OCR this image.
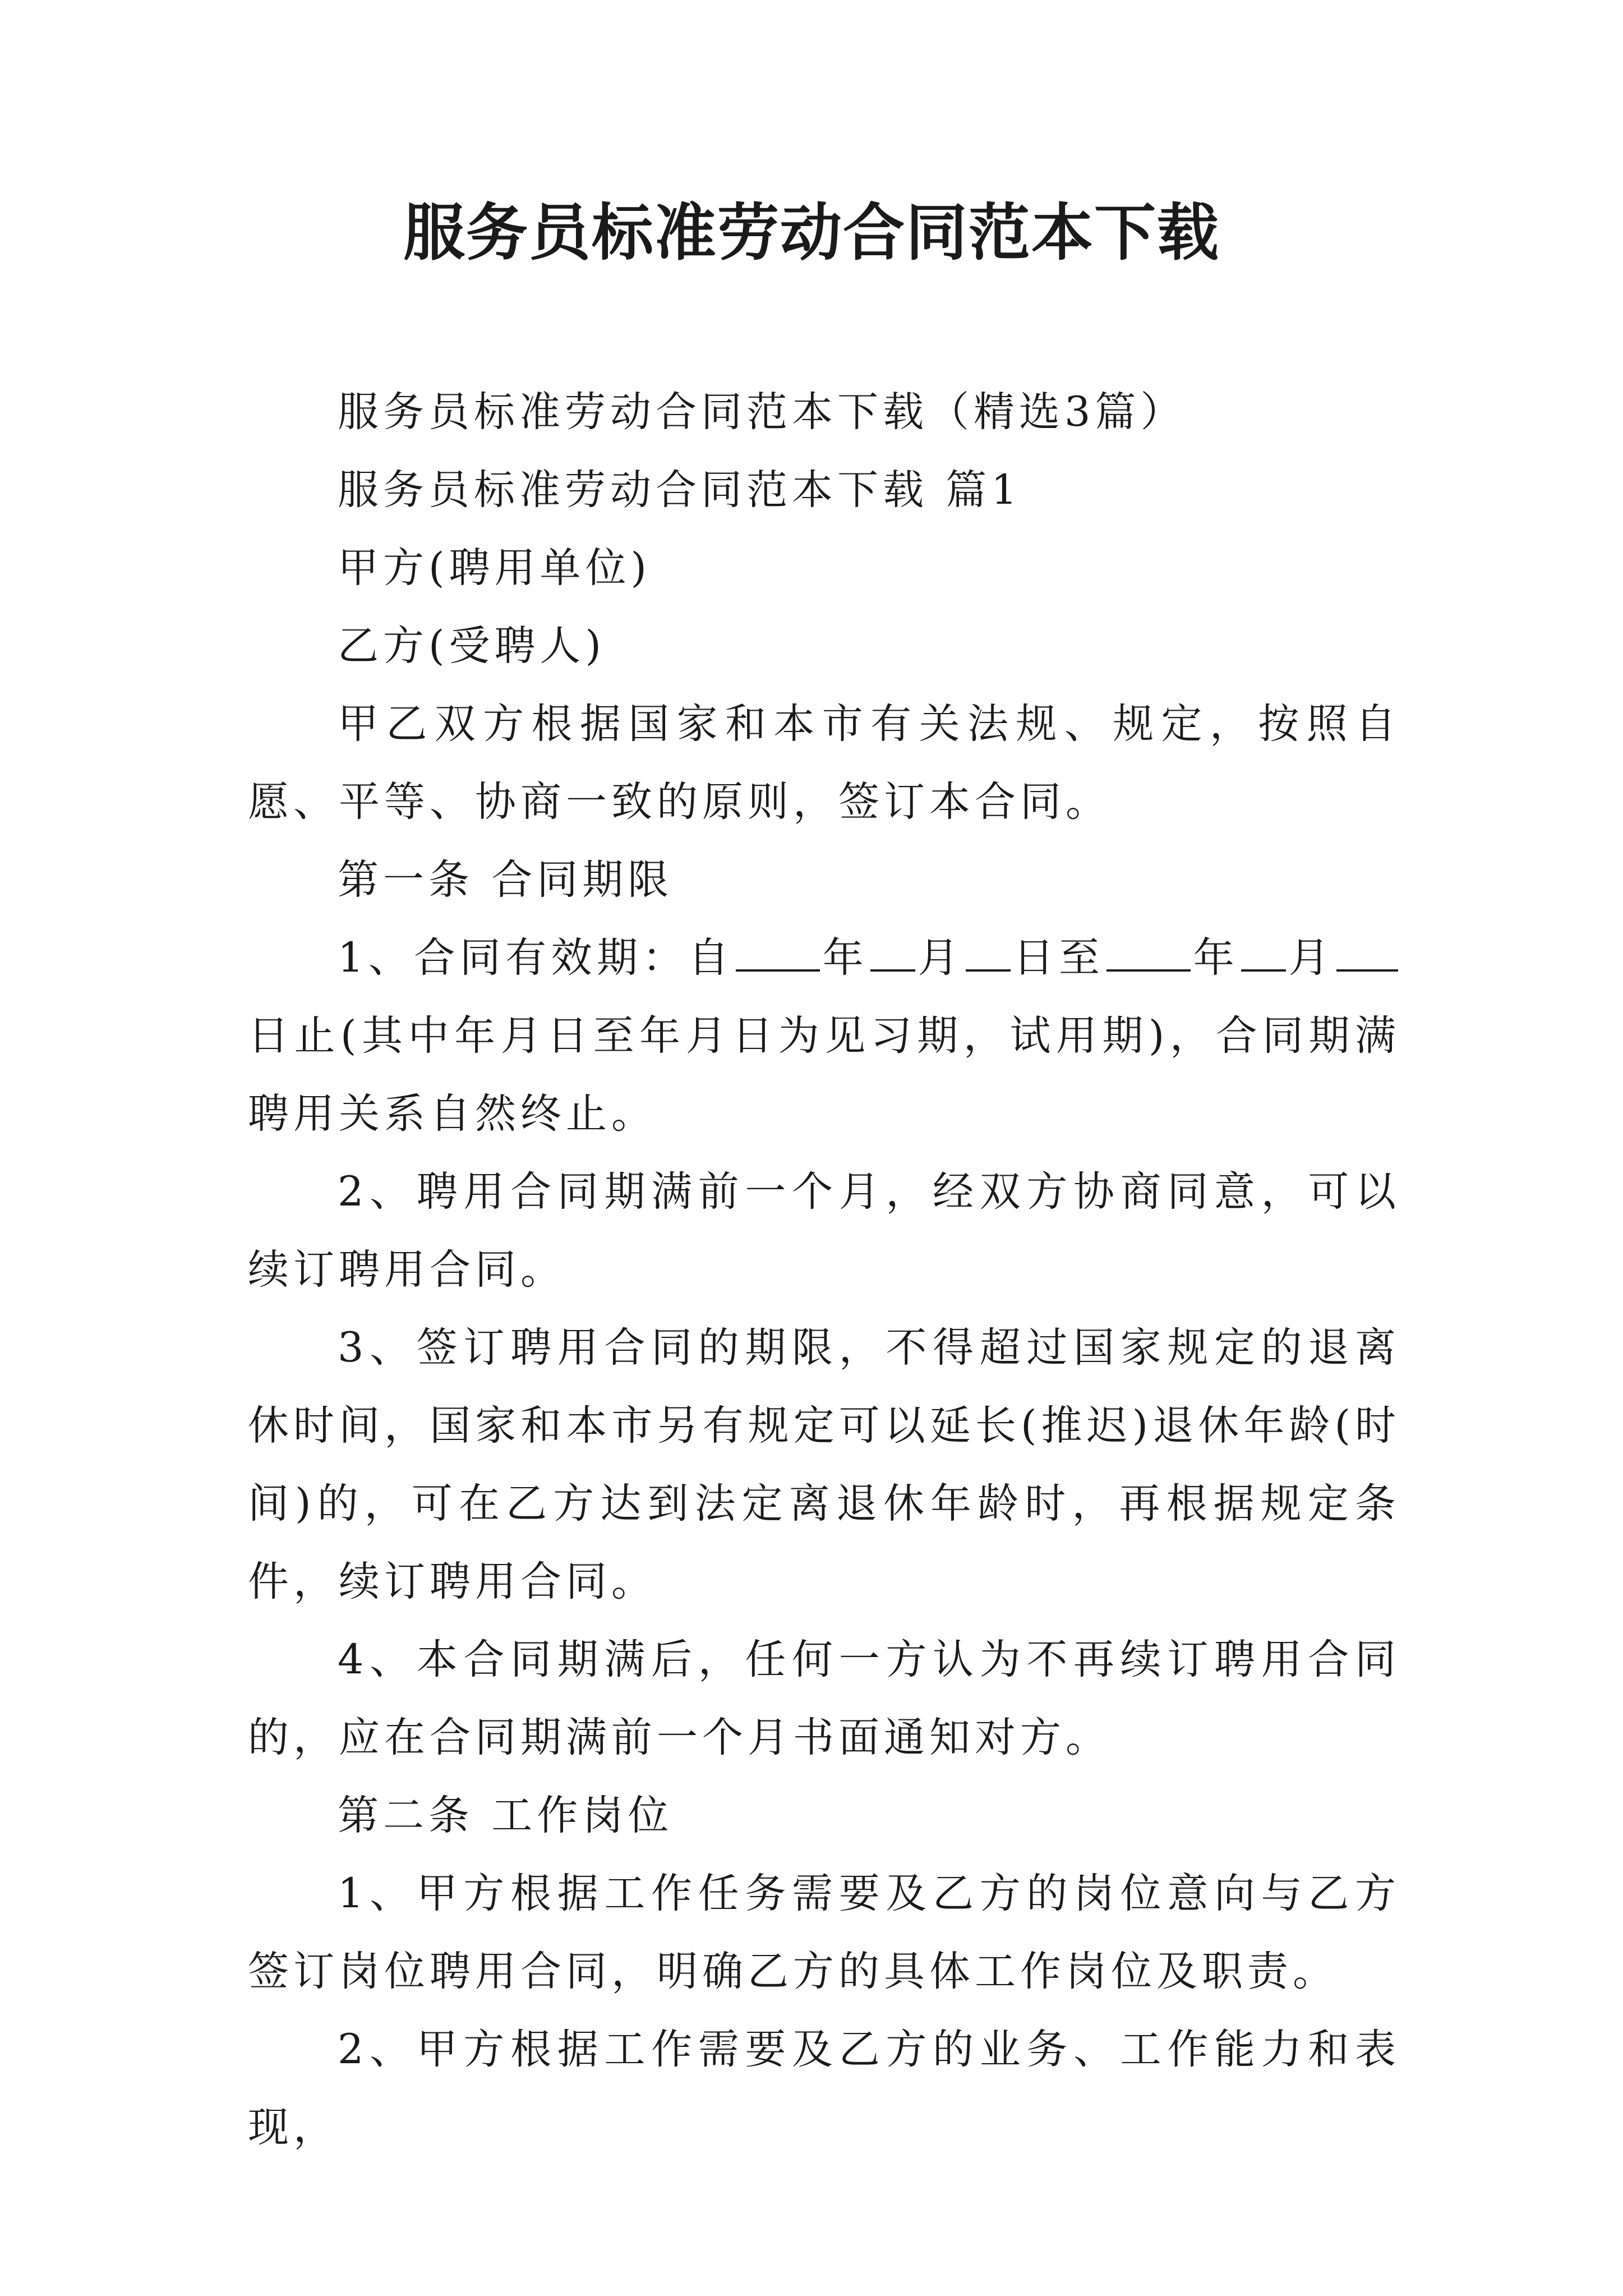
服务员标准劳动合同范本下载

服务员标准劳动合同范本下载（精选3篇）

服务员标准劳动合同范本下载 篇1

甲方(聘用单位)

乙方(受聘人)

甲乙双方根据国家和本市有关法规、规定，按照自愿、平等、协商一致的原则，签订本合同。

第一条 合同期限

1、合同有效期：自 年 月 日至 年 月日止(其中年月日至年月日为见习期，试用期)，合同期满聘用关系自然终止。

2、聘用合同期满前一个月，经双方协商同意，可以续订聘用合同。

3、签订聘用合同的期限，不得超过国家规定的退离休时间，国家和本市另有规定可以延长(推迟)退休年龄(时间)的，可在乙方达到法定离退休年龄时，再根据规定条件，续订聘用合同。

4、本合同期满后，任何一方认为不再续订聘用合同的，应在合同期满前一个月书面通知对方。

第二条 工作岗位

1、甲方根据工作任务需要及乙方的岗位意向与乙方签订岗位聘用合同，明确乙方的具体工作岗位及职责。

2、甲方根据工作需要及乙方的业务、工作能力和表现，
